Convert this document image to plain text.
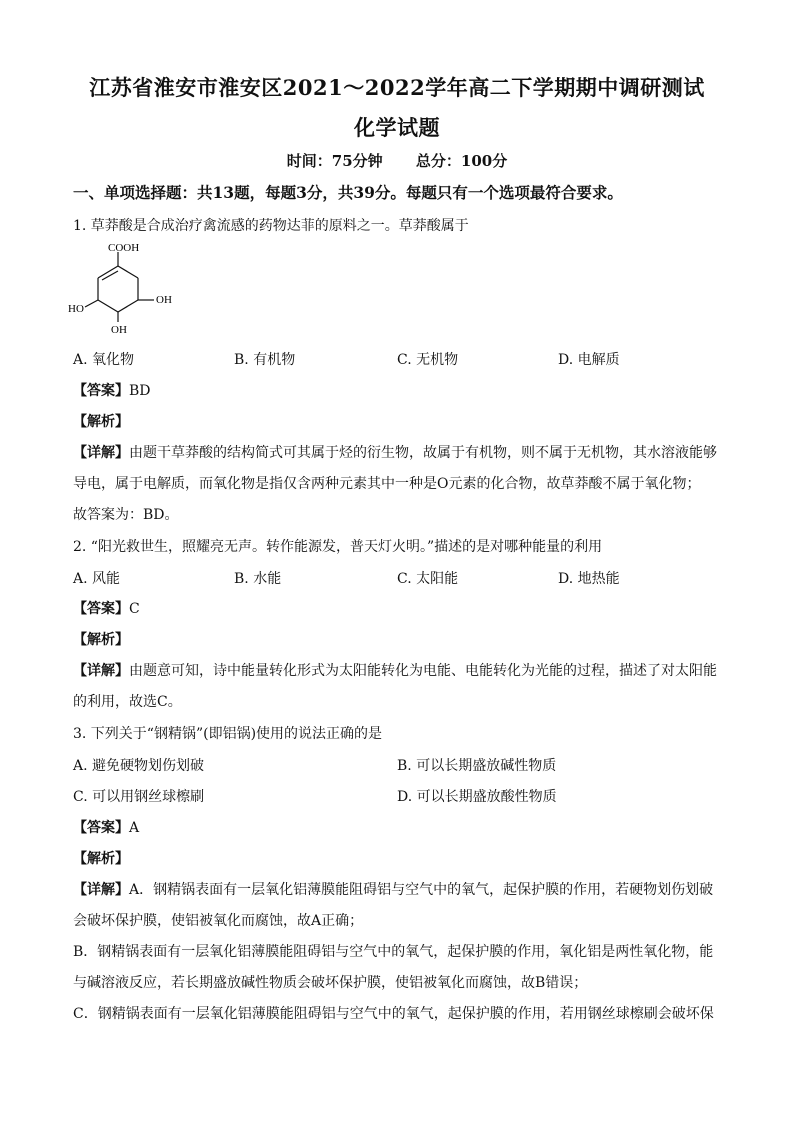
江苏省淮安市淮安区2021～2022学年高二下学期期中调研测试
化学试题
时间：75分钟 总分：100分
一、单项选择题：共13题，每题3分，共39分。每题只有一个选项最符合要求。
1. 草莽酸是合成治疗禽流感的药物达菲的原料之一。草莽酸属于
COOH
OH
HO
OH
A. 氧化物	B. 有机物	C. 无机物	D. 电解质
【答案】BD
【解析】
【详解】由题干草莽酸的结构简式可其属于烃的衍生物，故属于有机物，则不属于无机物，其水溶液能够
导电，属于电解质，而氧化物是指仅含两种元素其中一种是O元素的化合物，故草莽酸不属于氧化物；
故答案为：BD。
2. “阳光救世生，照耀亮无声。转作能源发，普天灯火明。”描述的是对哪种能量的利用
A. 风能	B. 水能	C. 太阳能	D. 地热能
【答案】C
【解析】
【详解】由题意可知，诗中能量转化形式为太阳能转化为电能、电能转化为光能的过程，描述了对太阳能
的利用，故选C。
3. 下列关于“钢精锅”(即铝锅)使用的说法正确的是
A. 避免硬物划伤划破	B. 可以长期盛放碱性物质
C. 可以用钢丝球檫刷	D. 可以长期盛放酸性物质
【答案】A
【解析】
【详解】A．钢精锅表面有一层氧化铝薄膜能阻碍铝与空气中的氧气，起保护膜的作用，若硬物划伤划破
会破坏保护膜，使铝被氧化而腐蚀，故A正确；
B．钢精锅表面有一层氧化铝薄膜能阻碍铝与空气中的氧气，起保护膜的作用，氧化铝是两性氧化物，能
与碱溶液反应，若长期盛放碱性物质会破坏保护膜，使铝被氧化而腐蚀，故B错误；
C．钢精锅表面有一层氧化铝薄膜能阻碍铝与空气中的氧气，起保护膜的作用，若用钢丝球檫刷会破坏保
